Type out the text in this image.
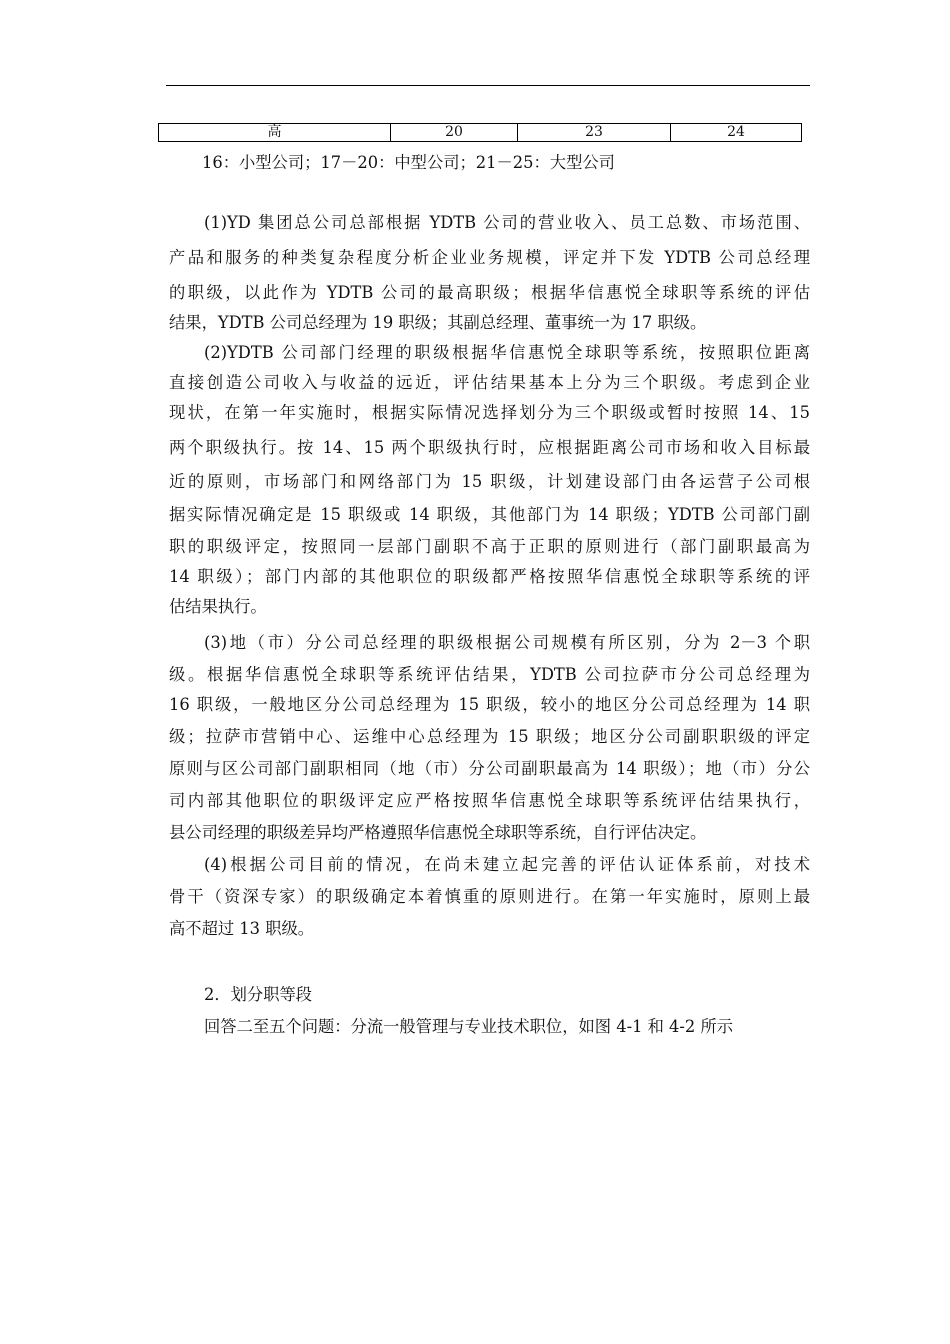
高	20	23	24
16：小型公司；17－20：中型公司；21－25：大型公司
(1)YD 集团总公司总部根据 YDTB 公司的营业收入、员工总数、市场范围、
产品和服务的种类复杂程度分析企业业务规模，评定并下发 YDTB 公司总经理
的职级，以此作为 YDTB 公司的最高职级；根据华信惠悦全球职等系统的评估
结果，YDTB 公司总经理为 19 职级；其副总经理、董事统一为 17 职级。
(2)YDTB 公司部门经理的职级根据华信惠悦全球职等系统，按照职位距离
直接创造公司收入与收益的远近，评估结果基本上分为三个职级。考虑到企业
现状，在第一年实施时，根据实际情况选择划分为三个职级或暂时按照 14、15
两个职级执行。按 14、15 两个职级执行时，应根据距离公司市场和收入目标最
近的原则，市场部门和网络部门为 15 职级，计划建设部门由各运营子公司根
据实际情况确定是 15 职级或 14 职级，其他部门为 14 职级；YDTB 公司部门副
职的职级评定，按照同一层部门副职不高于正职的原则进行（部门副职最高为
14 职级）；部门内部的其他职位的职级都严格按照华信惠悦全球职等系统的评
估结果执行。
(3)地（市）分公司总经理的职级根据公司规模有所区别，分为 2－3 个职
级。根据华信惠悦全球职等系统评估结果，YDTB 公司拉萨市分公司总经理为
16 职级，一般地区分公司总经理为 15 职级，较小的地区分公司总经理为 14 职
级；拉萨市营销中心、运维中心总经理为 15 职级；地区分公司副职职级的评定
原则与区公司部门副职相同（地（市）分公司副职最高为 14 职级）；地（市）分公
司内部其他职位的职级评定应严格按照华信惠悦全球职等系统评估结果执行，
县公司经理的职级差异均严格遵照华信惠悦全球职等系统，自行评估决定。
(4)根据公司目前的情况，在尚未建立起完善的评估认证体系前，对技术
骨干（资深专家）的职级确定本着慎重的原则进行。在第一年实施时，原则上最
高不超过 13 职级。
2．划分职等段
回答二至五个问题：分流一般管理与专业技术职位，如图 4-1 和 4-2 所示
